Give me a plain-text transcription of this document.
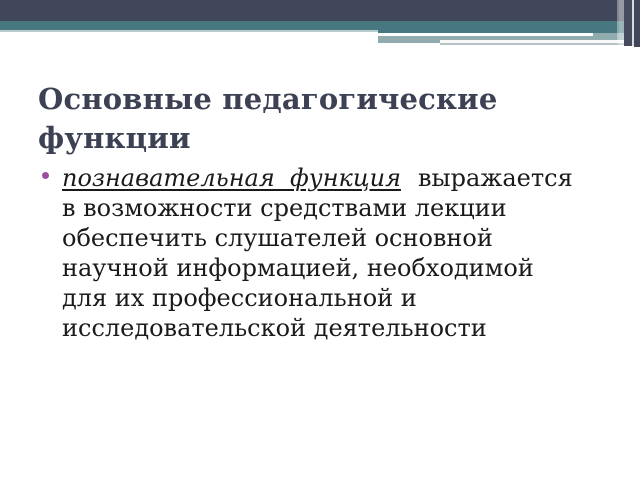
Основные педагогические
функции
познавательная функция выражается
в возможности средствами лекции
обеспечить слушателей основной
научной информацией, необходимой
для их профессиональной и
исследовательской деятельности
